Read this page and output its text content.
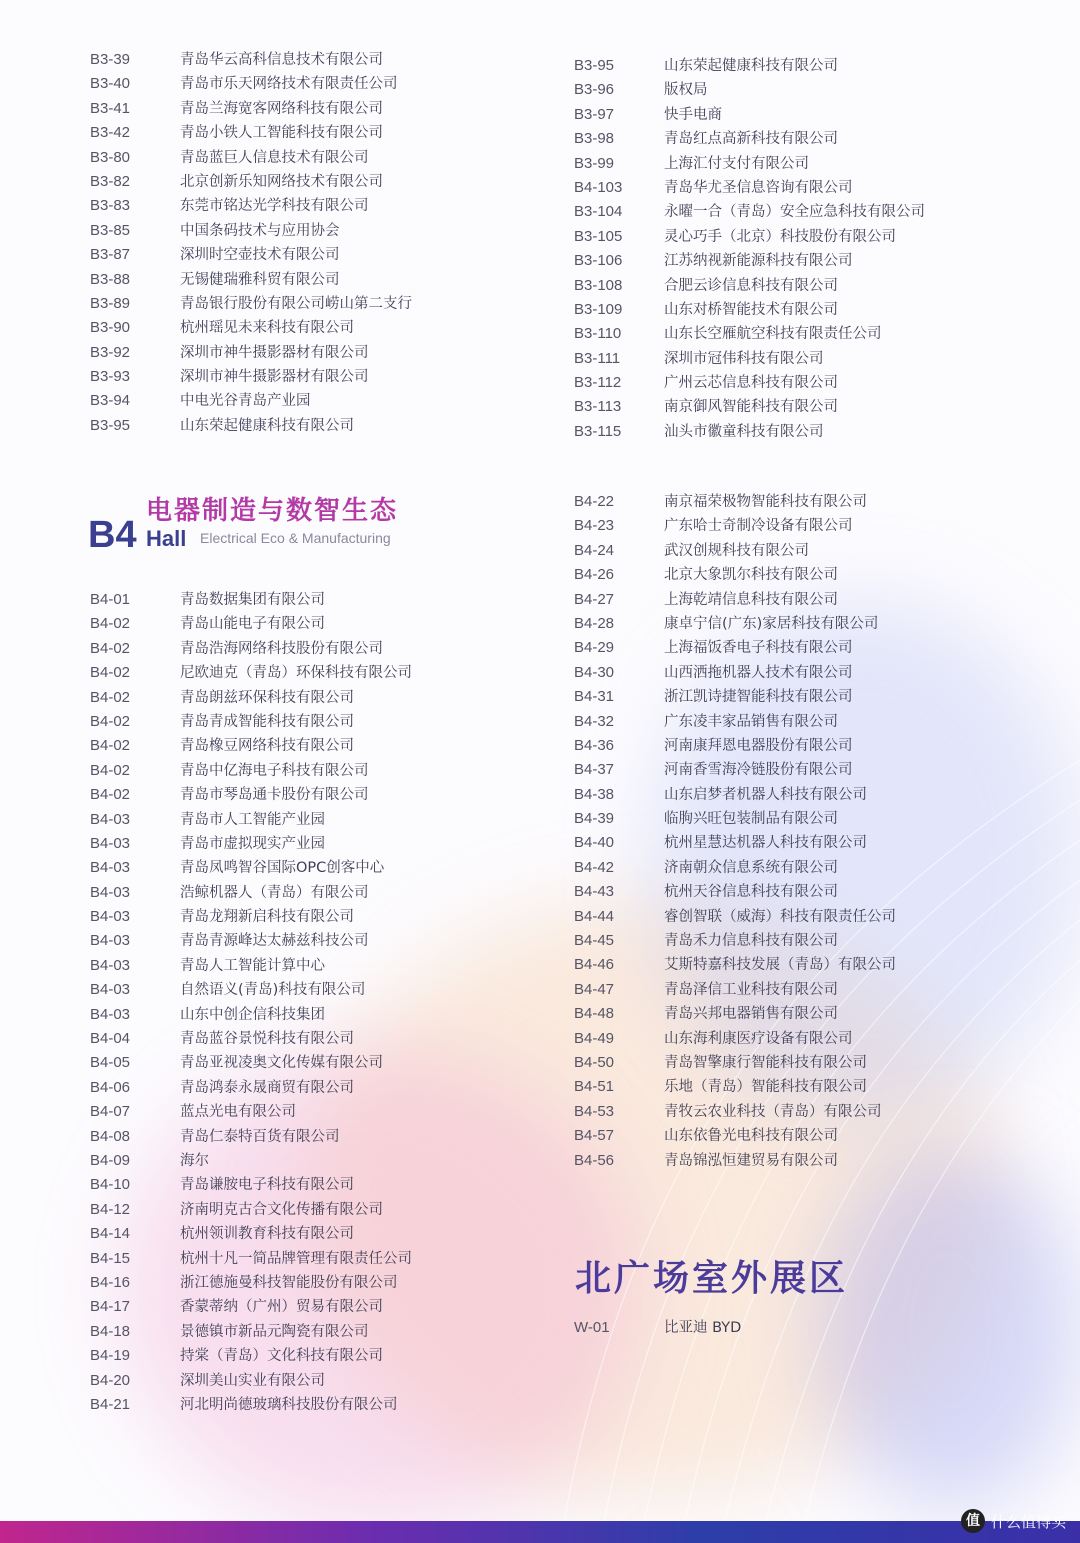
B3-39	青岛华云高科信息技术有限公司
B3-40	青岛市乐天网络技术有限责任公司
B3-41	青岛兰海宽客网络科技有限公司
B3-42	青岛小铁人工智能科技有限公司
B3-80	青岛蓝巨人信息技术有限公司
B3-82	北京创新乐知网络技术有限公司
B3-83	东莞市铭达光学科技有限公司
B3-85	中国条码技术与应用协会
B3-87	深圳时空壶技术有限公司
B3-88	无锡健瑞雅科贸有限公司
B3-89	青岛银行股份有限公司崂山第二支行
B3-90	杭州瑶见未来科技有限公司
B3-92	深圳市神牛摄影器材有限公司
B3-93	深圳市神牛摄影器材有限公司
B3-94	中电光谷青岛产业园
B3-95	山东荣起健康科技有限公司
B3-95	山东荣起健康科技有限公司
B3-96	版权局
B3-97	快手电商
B3-98	青岛红点高新科技有限公司
B3-99	上海汇付支付有限公司
B4-103	青岛华尤圣信息咨询有限公司
B3-104	永曜一合（青岛）安全应急科技有限公司
B3-105	灵心巧手（北京）科技股份有限公司
B3-106	江苏纳视新能源科技有限公司
B3-108	合肥云诊信息科技有限公司
B3-109	山东对桥智能技术有限公司
B3-110	山东长空雁航空科技有限责任公司
B3-111	深圳市冠伟科技有限公司
B3-112	广州云芯信息科技有限公司
B3-113	南京御风智能科技有限公司
B3-115	汕头市徽童科技有限公司
B4 Hall
电器制造与数智生态
Electrical Eco & Manufacturing
B4-01	青岛数据集团有限公司
B4-02	青岛山能电子有限公司
B4-02	青岛浩海网络科技股份有限公司
B4-02	尼欧迪克（青岛）环保科技有限公司
B4-02	青岛朗兹环保科技有限公司
B4-02	青岛青成智能科技有限公司
B4-02	青岛橡豆网络科技有限公司
B4-02	青岛中亿海电子科技有限公司
B4-02	青岛市琴岛通卡股份有限公司
B4-03	青岛市人工智能产业园
B4-03	青岛市虚拟现实产业园
B4-03	青岛凤鸣智谷国际OPC创客中心
B4-03	浩鲸机器人（青岛）有限公司
B4-03	青岛龙翔新启科技有限公司
B4-03	青岛青源峰达太赫兹科技公司
B4-03	青岛人工智能计算中心
B4-03	自然语义(青岛)科技有限公司
B4-03	山东中创企信科技集团
B4-04	青岛蓝谷景悦科技有限公司
B4-05	青岛亚视凌奥文化传媒有限公司
B4-06	青岛鸿泰永晟商贸有限公司
B4-07	蓝点光电有限公司
B4-08	青岛仁泰特百货有限公司
B4-09	海尔
B4-10	青岛谦胺电子科技有限公司
B4-12	济南明克古合文化传播有限公司
B4-14	杭州领训教育科技有限公司
B4-15	杭州十凡一简品牌管理有限责任公司
B4-16	浙江德施曼科技智能股份有限公司
B4-17	香蒙蒂纳（广州）贸易有限公司
B4-18	景德镇市新品元陶瓷有限公司
B4-19	持棠（青岛）文化科技有限公司
B4-20	深圳美山实业有限公司
B4-21	河北明尚德玻璃科技股份有限公司
B4-22	南京福荣极物智能科技有限公司
B4-23	广东哈士奇制冷设备有限公司
B4-24	武汉创规科技有限公司
B4-26	北京大象凯尔科技有限公司
B4-27	上海乾靖信息科技有限公司
B4-28	康卓宁信(广东)家居科技有限公司
B4-29	上海福饭香电子科技有限公司
B4-30	山西洒拖机器人技术有限公司
B4-31	浙江凯诗捷智能科技有限公司
B4-32	广东凌丰家品销售有限公司
B4-36	河南康拜恩电器股份有限公司
B4-37	河南香雪海冷链股份有限公司
B4-38	山东启梦者机器人科技有限公司
B4-39	临朐兴旺包装制品有限公司
B4-40	杭州星慧达机器人科技有限公司
B4-42	济南朝众信息系统有限公司
B4-43	杭州天谷信息科技有限公司
B4-44	睿创智联（威海）科技有限责任公司
B4-45	青岛禾力信息科技有限公司
B4-46	艾斯特嘉科技发展（青岛）有限公司
B4-47	青岛泽信工业科技有限公司
B4-48	青岛兴邦电器销售有限公司
B4-49	山东海利康医疗设备有限公司
B4-50	青岛智擎康行智能科技有限公司
B4-51	乐地（青岛）智能科技有限公司
B4-53	青牧云农业科技（青岛）有限公司
B4-57	山东依鲁光电科技有限公司
B4-56	青岛锦泓恒建贸易有限公司
北广场室外展区
W-01	比亚迪 BYD
值 什么值得买
